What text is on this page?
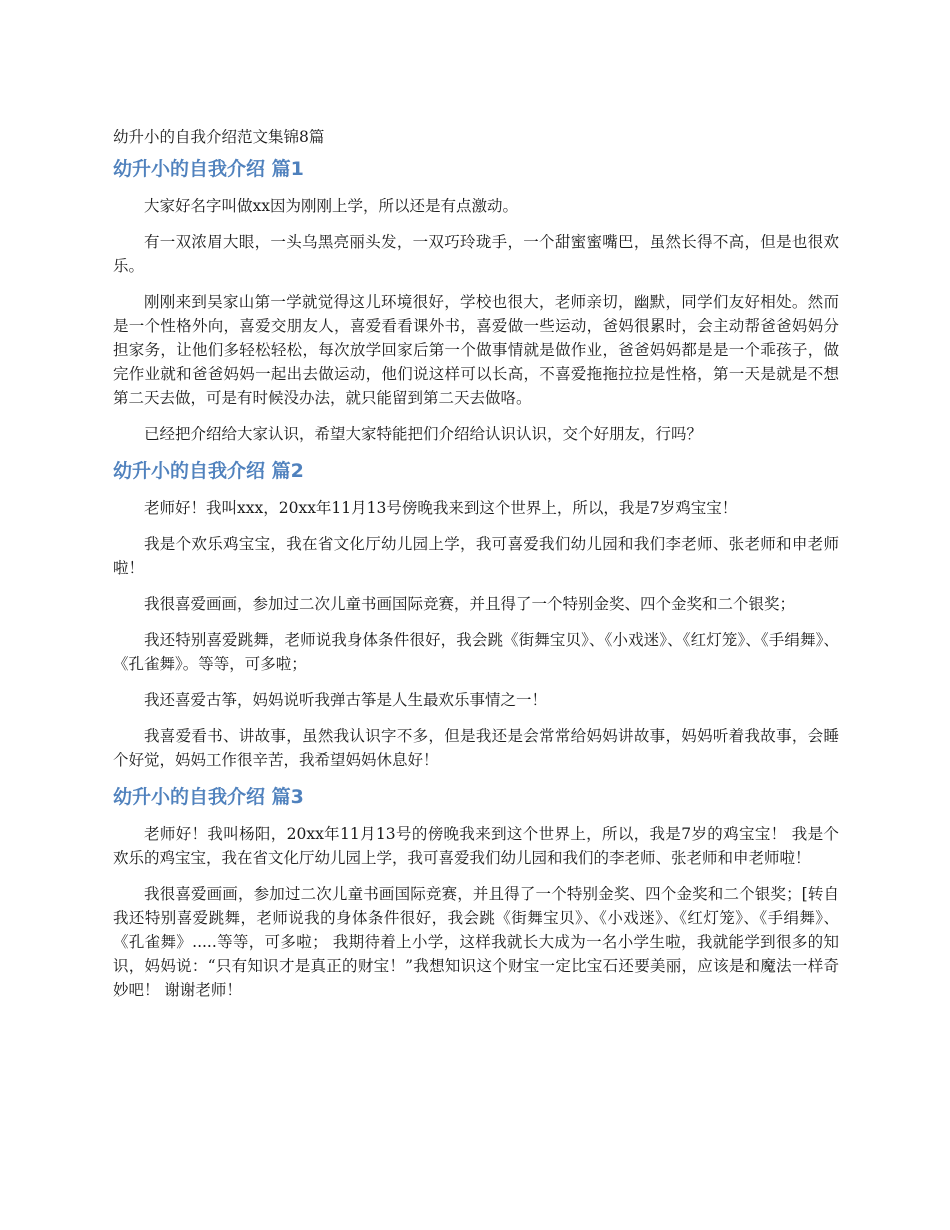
幼升小的自我介绍范文集锦8篇
幼升小的自我介绍 篇1

大家好名字叫做xx因为刚刚上学，所以还是有点激动。

有一双浓眉大眼，一头乌黑亮丽头发，一双巧玲珑手，一个甜蜜蜜嘴巴，虽然长得不高，但是也很欢乐。

刚刚来到吴家山第一学就觉得这儿环境很好，学校也很大，老师亲切，幽默，同学们友好相处。然而是一个性格外向，喜爱交朋友人，喜爱看看课外书，喜爱做一些运动，爸妈很累时，会主动帮爸爸妈妈分担家务，让他们多轻松轻松，每次放学回家后第一个做事情就是做作业，爸爸妈妈都是是一个乖孩子，做完作业就和爸爸妈妈一起出去做运动，他们说这样可以长高，不喜爱拖拖拉拉是性格，第一天是就是不想第二天去做，可是有时候没办法，就只能留到第二天去做咯。

已经把介绍给大家认识，希望大家特能把们介绍给认识认识，交个好朋友，行吗？

幼升小的自我介绍 篇2

老师好！我叫xxx，20xx年11月13号傍晚我来到这个世界上，所以，我是7岁鸡宝宝！

我是个欢乐鸡宝宝，我在省文化厅幼儿园上学，我可喜爱我们幼儿园和我们李老师、张老师和申老师啦！

我很喜爱画画，参加过二次儿童书画国际竞赛，并且得了一个特别金奖、四个金奖和二个银奖；

我还特别喜爱跳舞，老师说我身体条件很好，我会跳《街舞宝贝》、《小戏迷》、《红灯笼》、《手绢舞》、《孔雀舞》。等等，可多啦；

我还喜爱古筝，妈妈说听我弹古筝是人生最欢乐事情之一！

我喜爱看书、讲故事，虽然我认识字不多，但是我还是会常常给妈妈讲故事，妈妈听着我故事，会睡个好觉，妈妈工作很辛苦，我希望妈妈休息好！

幼升小的自我介绍 篇3

老师好！我叫杨阳，20xx年11月13号的傍晚我来到这个世界上，所以，我是7岁的鸡宝宝！ 我是个欢乐的鸡宝宝，我在省文化厅幼儿园上学，我可喜爱我们幼儿园和我们的李老师、张老师和申老师啦！

我很喜爱画画，参加过二次儿童书画国际竞赛，并且得了一个特别金奖、四个金奖和二个银奖；[转自 我还特别喜爱跳舞，老师说我的身体条件很好，我会跳《街舞宝贝》、《小戏迷》、《红灯笼》、《手绢舞》、《孔雀舞》.....等等，可多啦； 我期待着上小学，这样我就长大成为一名小学生啦，我就能学到很多的知识，妈妈说：“只有知识才是真正的财宝！”我想知识这个财宝一定比宝石还要美丽，应该是和魔法一样奇妙吧！ 谢谢老师！
